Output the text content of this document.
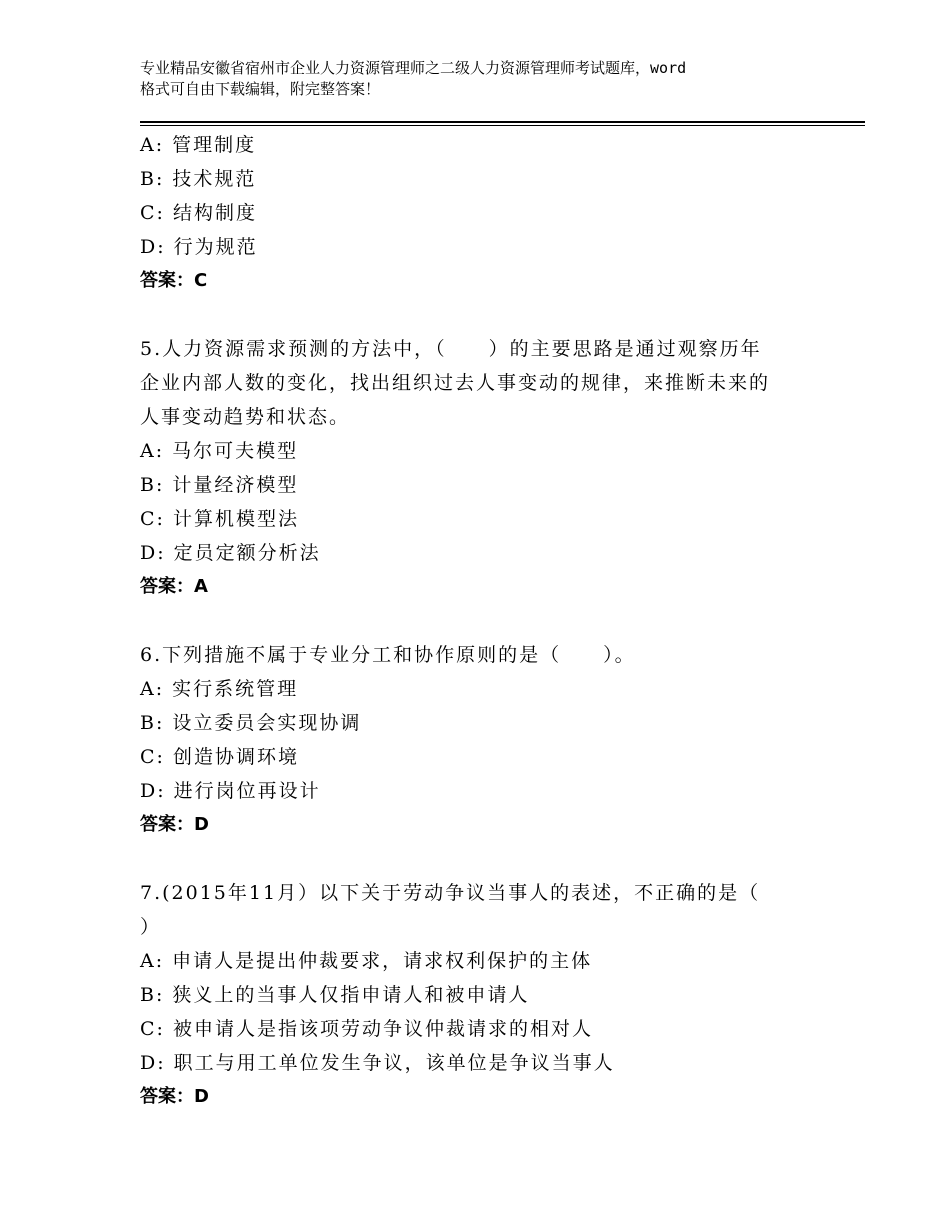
专业精品安徽省宿州市企业人力资源管理师之二级人力资源管理师考试题库，word
格式可自由下载编辑，附完整答案！
A: 管理制度
B: 技术规范
C: 结构制度
D: 行为规范
答案：C
5.人力资源需求预测的方法中，（　　）的主要思路是通过观察历年
企业内部人数的变化，找出组织过去人事变动的规律，来推断未来的
人事变动趋势和状态。
A: 马尔可夫模型
B: 计量经济模型
C: 计算机模型法
D: 定员定额分析法
答案：A
6.下列措施不属于专业分工和协作原则的是（　　）。
A: 实行系统管理
B: 设立委员会实现协调
C: 创造协调环境
D: 进行岗位再设计
答案：D
7.(2015年11月）以下关于劳动争议当事人的表述，不正确的是（
）
A: 申请人是提出仲裁要求，请求权利保护的主体
B: 狭义上的当事人仅指申请人和被申请人
C: 被申请人是指该项劳动争议仲裁请求的相对人
D: 职工与用工单位发生争议，该单位是争议当事人
答案：D
